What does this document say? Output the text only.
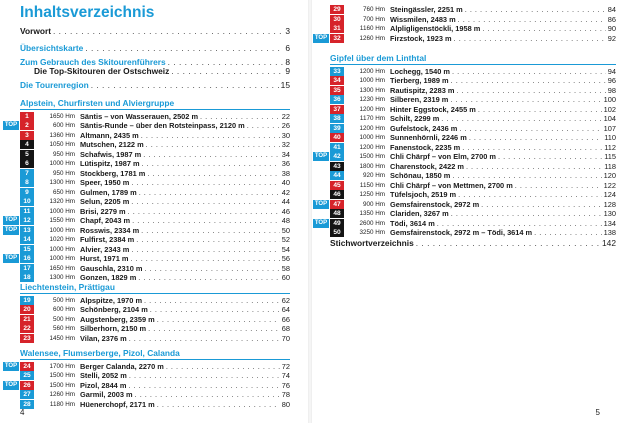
Inhaltsverzeichnis
Vorwort . . .	3
Übersichtskarte . . .	6
Zum Gebrauch des Skitourenführers . . .	8
Die Top-Skitouren der Ostschweiz . . .	9
Die Tourenregion . . .	15
Alpstein, Churfirsten und Alviergruppe
1	1650 Hm Säntis – von Wasserauen, 2502 m . . .	22
TOP	2	600 Hm Säntis-Runde – über den Rotsteinpass, 2120 m . . .	26
3	1360 Hm Altmann, 2435 m . . .	30
4	1050 Hm Mutschen, 2122 m . . .	32
5	950 Hm Schafwis, 1987 m . . .	34
6	1000 Hm Lütispitz, 1987 m . . .	36
7	950 Hm Stockberg, 1781 m . . .	38
8	1300 Hm Speer, 1950 m . . .	40
9	650 Hm Gulmen, 1789 m . . .	42
10	1320 Hm Selun, 2205 m . . .	44
11	1000 Hm Brisi, 2279 m . . .	46
TOP 12	1550 Hm Chapf, 2043 m . . .	48
TOP 13	1000 Hm Rosswis, 2334 m . . .	50
14	1020 Hm Fulfirst, 2384 m . . .	52
15	1000 Hm Alvier, 2343 m . . .	54
TOP 16	1000 Hm Hurst, 1971 m . . .	56
17	1650 Hm Gauschla, 2310 m . . .	58
18	1300 Hm Gonzen, 1829 m . . .	60
Liechtenstein, Prättigau
19	500 Hm Alpspitze, 1970 m . . .	62
20	600 Hm Schönberg, 2104 m . . .	64
21	500 Hm Augstenberg, 2359 m . . .	66
22	560 Hm Silberhorn, 2150 m . . .	68
23	1450 Hm Vilan, 2376 m . . .	70
Walensee, Flumserberge, Pizol, Calanda
TOP 24	1700 Hm Berger Calanda, 2270 m . . .	72
25	1500 Hm Stelli, 2052 m . . .	74
TOP 26	1500 Hm Pizol, 2844 m . . .	76
27	1260 Hm Garmil, 2003 m . . .	78
28	1180 Hm Hüenerchopf, 2171 m . . .	80
4
29	760 Hm Steingässler, 2251 m . . .	84
30	700 Hm Wissmilen, 2483 m . . .	86
31	1160 Hm Alpligligenstöckli, 1958 m . . .	90
TOP 32	1260 Hm Firzstock, 1923 m . . .	92
Gipfel über dem Linthtal
33	1200 Hm Lochegg, 1540 m . . .	94
34	1000 Hm Tierberg, 1989 m . . .	96
35	1300 Hm Rautispitz, 2283 m . . .	98
36	1230 Hm Silberen, 2319 m . . .	100
37	1200 Hm Hinter Eggstock, 2455 m . . .	102
38	1170 Hm Schilt, 2299 m . . .	104
39	1200 Hm Gufelstock, 2436 m . . .	107
40	1000 Hm Sunnenhörnli, 2246 m . . .	110
41	1200 Hm Fanenstock, 2235 m . . .	112
TOP 42	1500 Hm Chli Chärpf – von Elm, 2700 m . . .	115
43	1800 Hm Charenstock, 2422 m . . .	118
44	920 Hm Schönau, 1850 m . . .	120
45	1150 Hm Chli Chärpf – von Mettmen, 2700 m . . .	122
46	1250 Hm Tüfelsjoch, 2519 m . . .	124
TOP 47	900 Hm Gemsfairenstock, 2972 m . . .	128
48	1350 Hm Clariden, 3267 m . . .	130
TOP 49	2600 Hm Tödi, 3614 m . . .	134
50	3250 Hm Gemsfairenstock, 2972 m – Tödi, 3614 m . . .	138
Stichwortverzeichnis . . .	142
5
